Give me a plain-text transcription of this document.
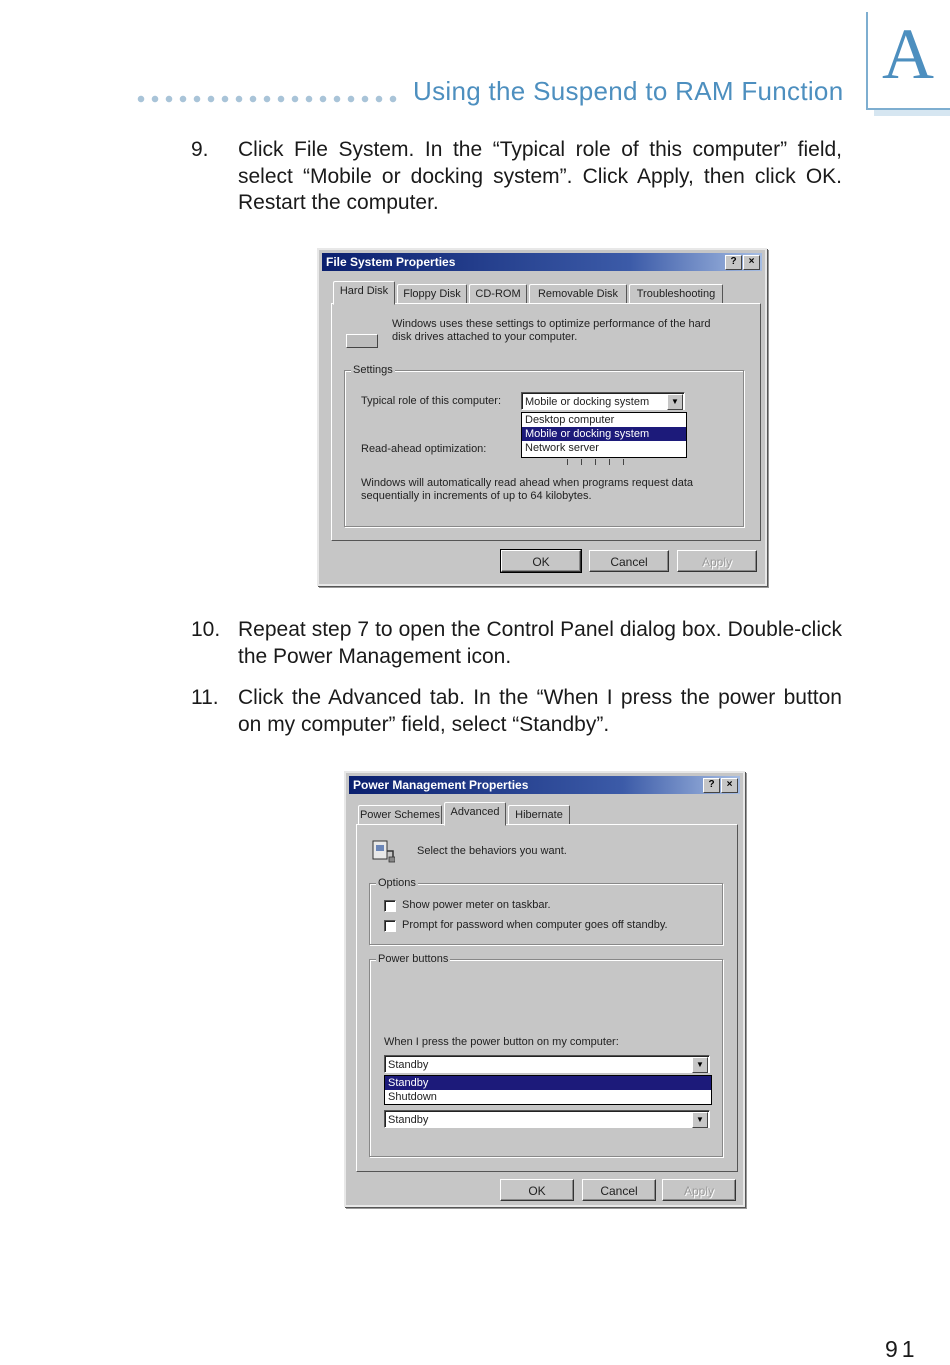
Using the Suspend to RAM Function A
9. Click File System. In the “Typical role of this computer” field, select “Mobile or docking system”. Click Apply, then click OK. Restart the computer.
File System Properties	?	×
Hard Disk	Floppy Disk	CD-ROM	Removable Disk	Troubleshooting
Windows uses these settings to optimize performance of the hard disk drives attached to your computer.
Settings
Typical role of this computer:	Mobile or docking system	▼
Desktop computer
Mobile or docking system
Network server
Read-ahead optimization:
Windows will automatically read ahead when programs request data sequentially in increments of up to 64 kilobytes.
OK	Cancel	Apply
10. Repeat step 7 to open the Control Panel dialog box. Double-click the Power Management icon.
11. Click the Advanced tab. In the “When I press the power button on my computer” field, select “Standby”.
Power Management Properties	?	×
Power Schemes Advanced	Hibernate
Select the behaviors you want.
Options
Show power meter on taskbar.
Prompt for password when computer goes off standby.
Power buttons
When I press the power button on my computer:
Standby	▼
Standby
Shutdown
Standby	▼
OK	Cancel	Apply
91
